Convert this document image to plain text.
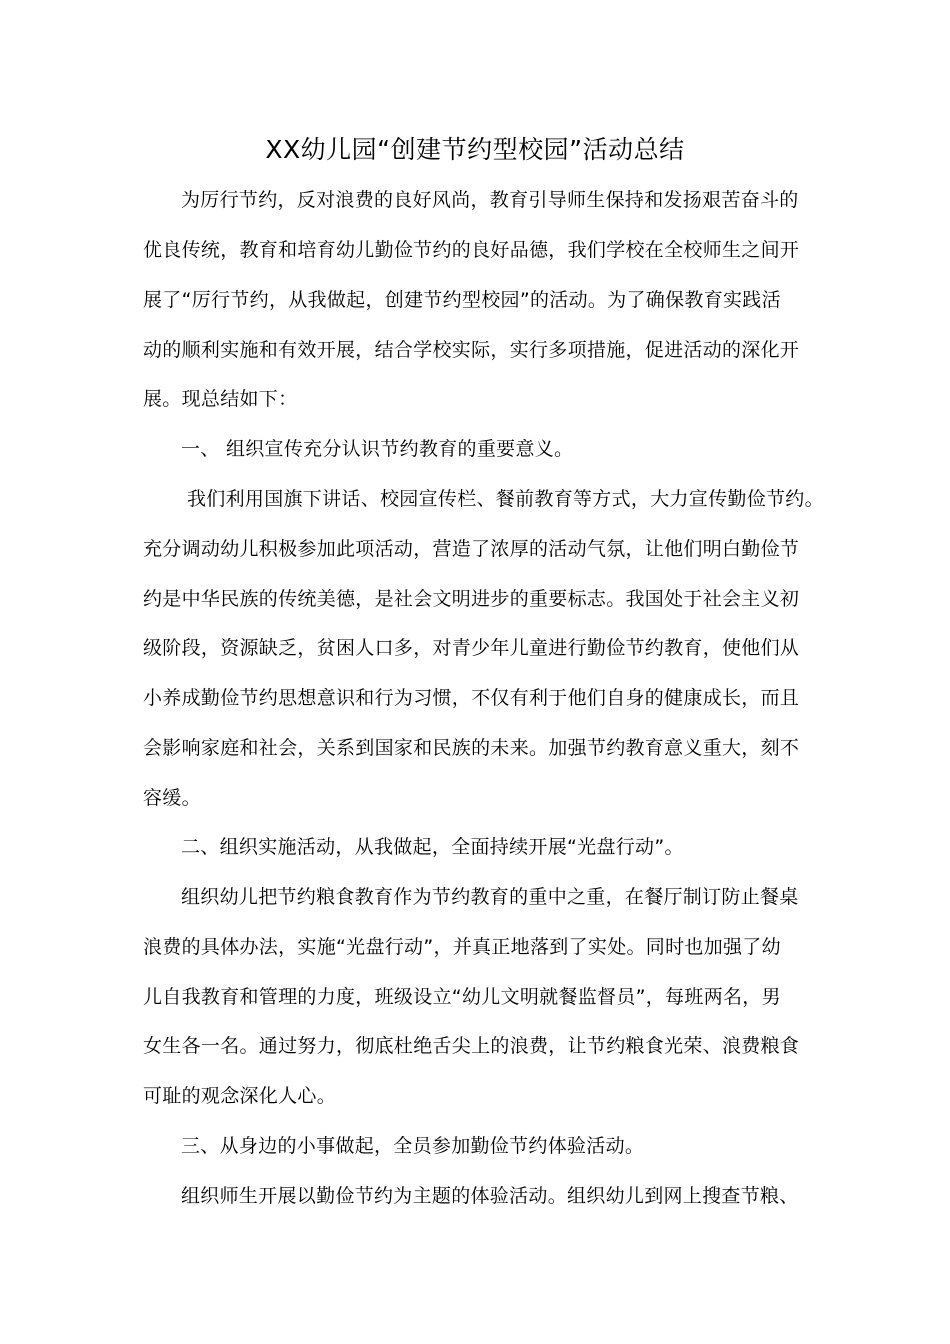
XX幼儿园“创建节约型校园”活动总结
为厉行节约，反对浪费的良好风尚，教育引导师生保持和发扬艰苦奋斗的
优良传统，教育和培育幼儿勤俭节约的良好品德，我们学校在全校师生之间开
展了“厉行节约，从我做起，创建节约型校园”的活动。为了确保教育实践活
动的顺利实施和有效开展，结合学校实际，实行多项措施，促进活动的深化开
展。现总结如下：
一、 组织宣传充分认识节约教育的重要意义。
我们利用国旗下讲话、校园宣传栏、餐前教育等方式，大力宣传勤俭节约。
充分调动幼儿积极参加此项活动，营造了浓厚的活动气氛，让他们明白勤俭节
约是中华民族的传统美德，是社会文明进步的重要标志。我国处于社会主义初
级阶段，资源缺乏，贫困人口多，对青少年儿童进行勤俭节约教育，使他们从
小养成勤俭节约思想意识和行为习惯，不仅有利于他们自身的健康成长，而且
会影响家庭和社会，关系到国家和民族的未来。加强节约教育意义重大，刻不
容缓。
二、组织实施活动，从我做起，全面持续开展“光盘行动”。
组织幼儿把节约粮食教育作为节约教育的重中之重，在餐厅制订防止餐桌
浪费的具体办法，实施“光盘行动”，并真正地落到了实处。同时也加强了幼
儿自我教育和管理的力度，班级设立“幼儿文明就餐监督员”，每班两名，男
女生各一名。通过努力，彻底杜绝舌尖上的浪费，让节约粮食光荣、浪费粮食
可耻的观念深化人心。
三、从身边的小事做起，全员参加勤俭节约体验活动。
组织师生开展以勤俭节约为主题的体验活动。组织幼儿到网上搜查节粮、
